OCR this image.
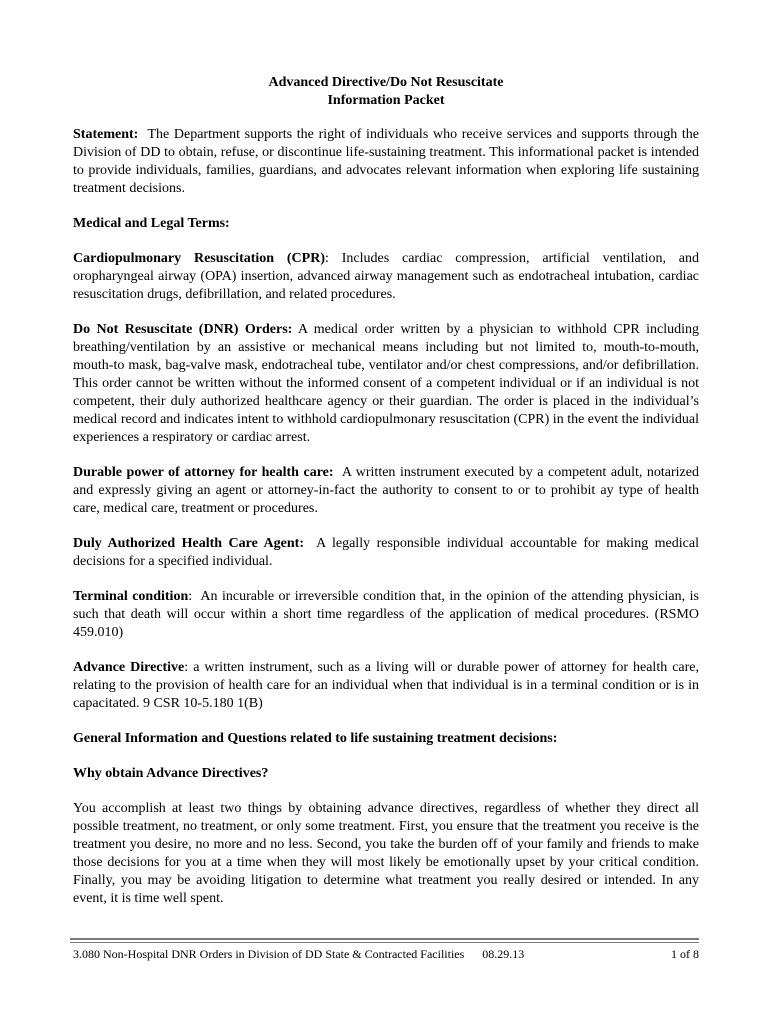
Advanced Directive/Do Not Resuscitate

Information Packet

Statement: The Department supports the right of individuals who receive services and supports through the Division of DD to obtain, refuse, or discontinue life-sustaining treatment. This informational packet is intended to provide individuals, families, guardians, and advocates relevant information when exploring life sustaining treatment decisions.

Medical and Legal Terms:

Cardiopulmonary Resuscitation (CPR): Includes cardiac compression, artificial ventilation, and oropharyngeal airway (OPA) insertion, advanced airway management such as endotracheal intubation, cardiac resuscitation drugs, defibrillation, and related procedures.

Do Not Resuscitate (DNR) Orders: A medical order written by a physician to withhold CPR including breathing/ventilation by an assistive or mechanical means including but not limited to, mouth-to-mouth, mouth-to mask, bag-valve mask, endotracheal tube, ventilator and/or chest compressions, and/or defibrillation. This order cannot be written without the informed consent of a competent individual or if an individual is not competent, their duly authorized healthcare agency or their guardian. The order is placed in the individual’s medical record and indicates intent to withhold cardiopulmonary resuscitation (CPR) in the event the individual experiences a respiratory or cardiac arrest.

Durable power of attorney for health care: A written instrument executed by a competent adult, notarized and expressly giving an agent or attorney-in-fact the authority to consent to or to prohibit ay type of health care, medical care, treatment or procedures.

Duly Authorized Health Care Agent: A legally responsible individual accountable for making medical decisions for a specified individual.

Terminal condition: An incurable or irreversible condition that, in the opinion of the attending physician, is such that death will occur within a short time regardless of the application of medical procedures. (RSMO 459.010)

Advance Directive: a written instrument, such as a living will or durable power of attorney for health care, relating to the provision of health care for an individual when that individual is in a terminal condition or is in capacitated. 9 CSR 10-5.180 1(B)

General Information and Questions related to life sustaining treatment decisions:

Why obtain Advance Directives?

You accomplish at least two things by obtaining advance directives, regardless of whether they direct all possible treatment, no treatment, or only some treatment. First, you ensure that the treatment you receive is the treatment you desire, no more and no less. Second, you take the burden off of your family and friends to make those decisions for you at a time when they will most likely be emotionally upset by your critical condition. Finally, you may be avoiding litigation to determine what treatment you really desired or intended. In any event, it is time well spent.

3.080 Non-Hospital DNR Orders in Division of DD State & Contracted Facilities 08.29.13	1 of 8
